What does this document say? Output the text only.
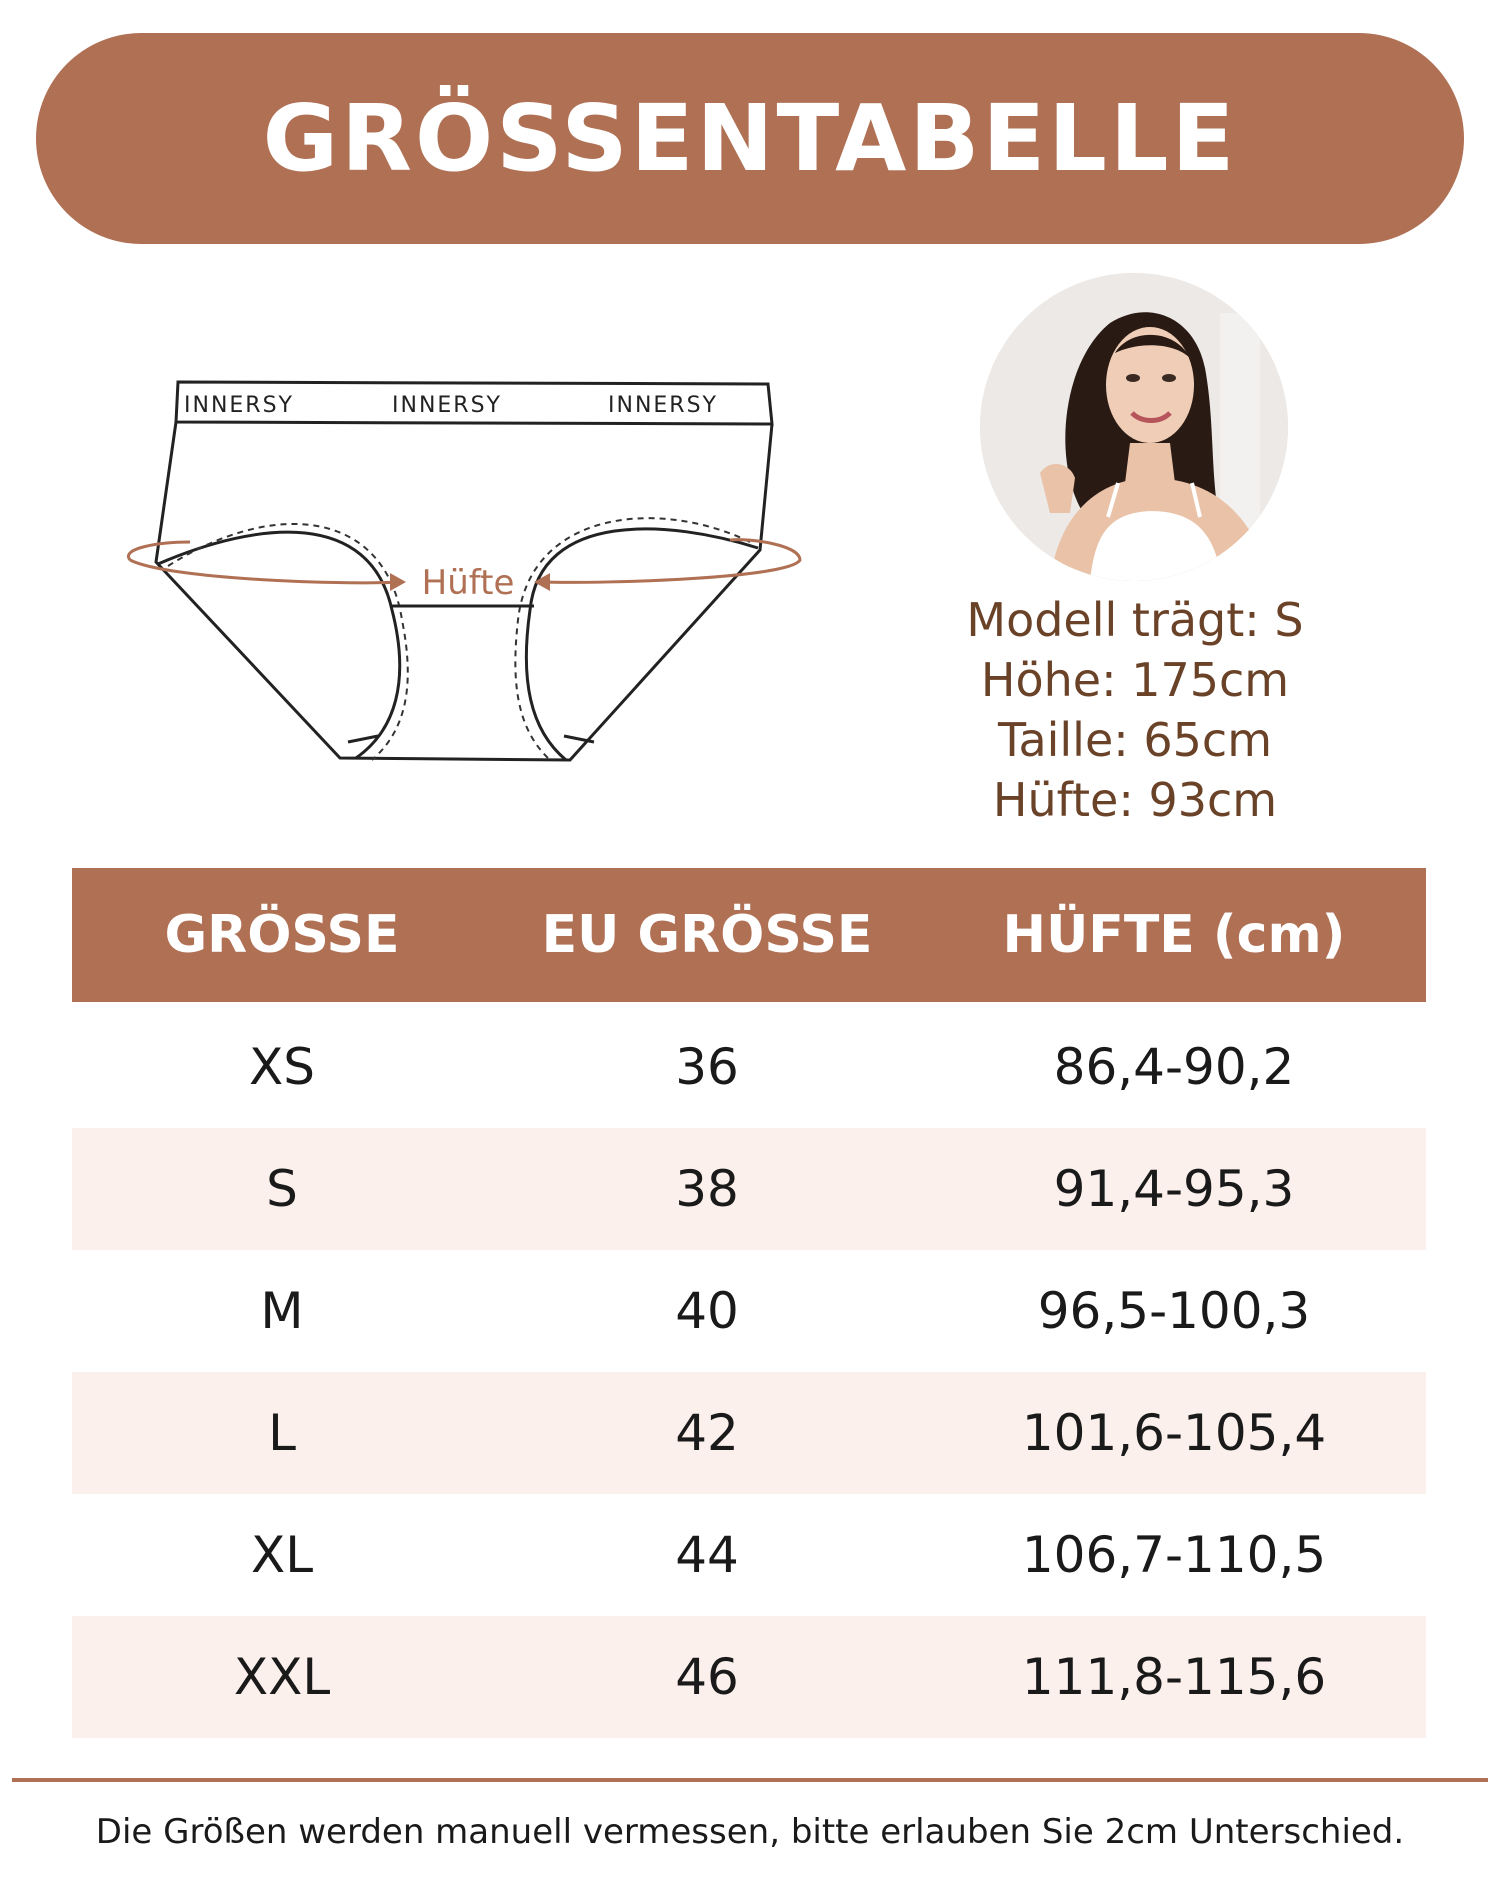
GRÖSSENTABELLE
INNERSY	INNERSY	INNERSY
Hüfte
Modell trägt: S
Höhe: 175cm
Taille: 65cm
Hüfte: 93cm
GRÖSSE	EU GRÖSSE	HÜFTE (cm)
XS	36	86,4-90,2
S	38	91,4-95,3
M	40	96,5-100,3
L	42	101,6-105,4
XL	44	106,7-110,5
XXL	46	111,8-115,6
Die Größen werden manuell vermessen, bitte erlauben Sie 2cm Unterschied.
